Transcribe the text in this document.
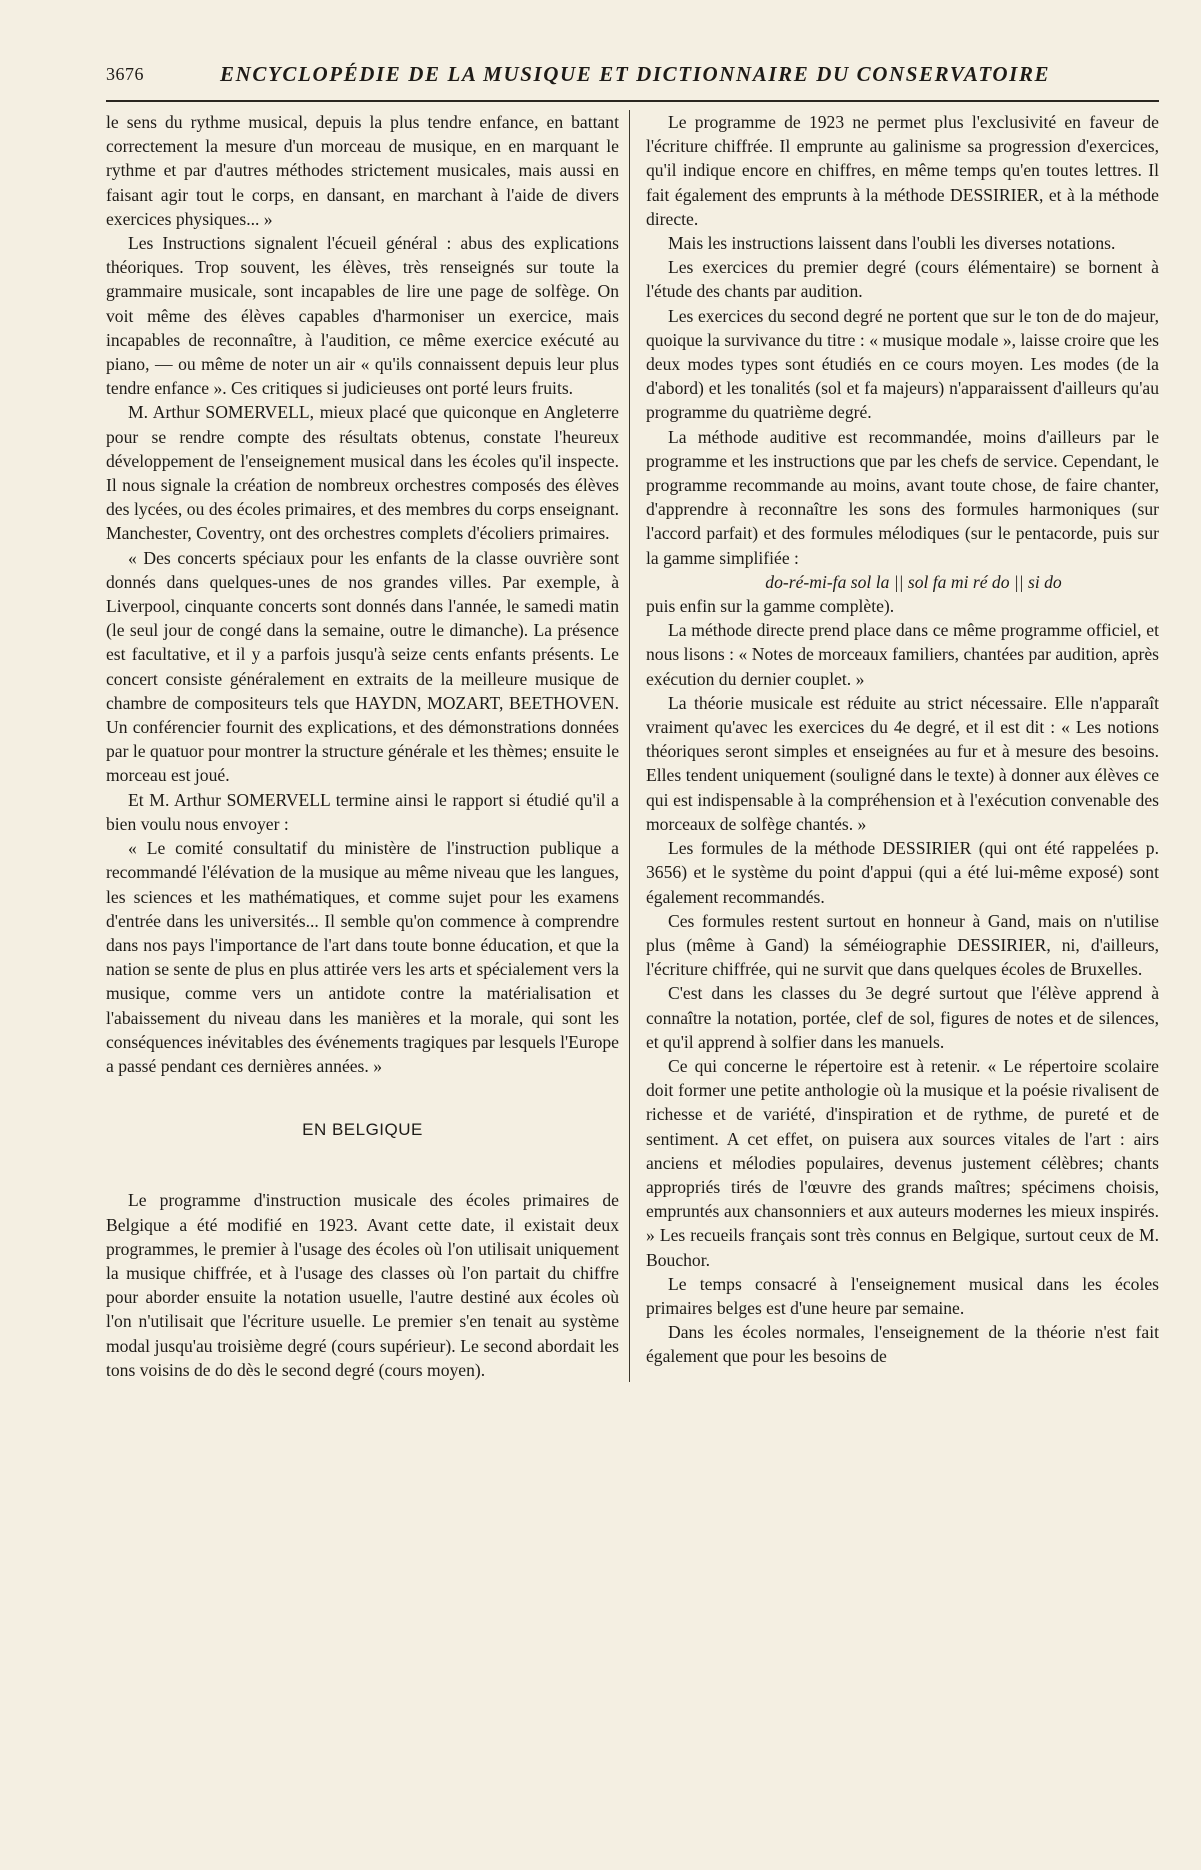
3676	ENCYCLOPÉDIE DE LA MUSIQUE ET DICTIONNAIRE DU CONSERVATOIRE

le sens du rythme musical, depuis la plus tendre enfance, en battant correctement la mesure d'un morceau de musique, en en marquant le rythme et par d'autres méthodes strictement musicales, mais aussi en faisant agir tout le corps, en dansant, en marchant à l'aide de divers exercices physiques... »

Les Instructions signalent l'écueil général : abus des explications théoriques. Trop souvent, les élèves, très renseignés sur toute la grammaire musicale, sont incapables de lire une page de solfège. On voit même des élèves capables d'harmoniser un exercice, mais incapables de reconnaître, à l'audition, ce même exercice exécuté au piano, — ou même de noter un air « qu'ils connaissent depuis leur plus tendre enfance ». Ces critiques si judicieuses ont porté leurs fruits.

M. Arthur SOMERVELL, mieux placé que quiconque en Angleterre pour se rendre compte des résultats obtenus, constate l'heureux développement de l'enseignement musical dans les écoles qu'il inspecte. Il nous signale la création de nombreux orchestres composés des élèves des lycées, ou des écoles primaires, et des membres du corps enseignant. Manchester, Coventry, ont des orchestres complets d'écoliers primaires.

« Des concerts spéciaux pour les enfants de la classe ouvrière sont donnés dans quelques-unes de nos grandes villes. Par exemple, à Liverpool, cinquante concerts sont donnés dans l'année, le samedi matin (le seul jour de congé dans la semaine, outre le dimanche). La présence est facultative, et il y a parfois jusqu'à seize cents enfants présents. Le concert consiste généralement en extraits de la meilleure musique de chambre de compositeurs tels que HAYDN, MOZART, BEETHOVEN. Un conférencier fournit des explications, et des démonstrations données par le quatuor pour montrer la structure générale et les thèmes; ensuite le morceau est joué.

Et M. Arthur SOMERVELL termine ainsi le rapport si étudié qu'il a bien voulu nous envoyer :

« Le comité consultatif du ministère de l'instruction publique a recommandé l'élévation de la musique au même niveau que les langues, les sciences et les mathématiques, et comme sujet pour les examens d'entrée dans les universités... Il semble qu'on commence à comprendre dans nos pays l'importance de l'art dans toute bonne éducation, et que la nation se sente de plus en plus attirée vers les arts et spécialement vers la musique, comme vers un antidote contre la matérialisation et l'abaissement du niveau dans les manières et la morale, qui sont les conséquences inévitables des événements tragiques par lesquels l'Europe a passé pendant ces dernières années. »

EN BELGIQUE

Le programme d'instruction musicale des écoles primaires de Belgique a été modifié en 1923. Avant cette date, il existait deux programmes, le premier à l'usage des écoles où l'on utilisait uniquement la musique chiffrée, et à l'usage des classes où l'on partait du chiffre pour aborder ensuite la notation usuelle, l'autre destiné aux écoles où l'on n'utilisait que l'écriture usuelle. Le premier s'en tenait au système modal jusqu'au troisième degré (cours supérieur). Le second abordait les tons voisins de do dès le second degré (cours moyen).

Le programme de 1923 ne permet plus l'exclusivité en faveur de l'écriture chiffrée. Il emprunte au galinisme sa progression d'exercices, qu'il indique encore en chiffres, en même temps qu'en toutes lettres. Il fait également des emprunts à la méthode DESSIRIER, et à la méthode directe.

Mais les instructions laissent dans l'oubli les diverses notations.

Les exercices du premier degré (cours élémentaire) se bornent à l'étude des chants par audition.

Les exercices du second degré ne portent que sur le ton de do majeur, quoique la survivance du titre : « musique modale », laisse croire que les deux modes types sont étudiés en ce cours moyen. Les modes (de la d'abord) et les tonalités (sol et fa majeurs) n'apparaissent d'ailleurs qu'au programme du quatrième degré.

La méthode auditive est recommandée, moins d'ailleurs par le programme et les instructions que par les chefs de service. Cependant, le programme recommande au moins, avant toute chose, de faire chanter, d'apprendre à reconnaître les sons des formules harmoniques (sur l'accord parfait) et des formules mélodiques (sur le pentacorde, puis sur la gamme simplifiée :

do-ré-mi-fa sol la || sol fa mi ré do || si do

puis enfin sur la gamme complète).

La méthode directe prend place dans ce même programme officiel, et nous lisons : « Notes de morceaux familiers, chantées par audition, après exécution du dernier couplet. »

La théorie musicale est réduite au strict nécessaire. Elle n'apparaît vraiment qu'avec les exercices du 4e degré, et il est dit : « Les notions théoriques seront simples et enseignées au fur et à mesure des besoins. Elles tendent uniquement (souligné dans le texte) à donner aux élèves ce qui est indispensable à la compréhension et à l'exécution convenable des morceaux de solfège chantés. »

Les formules de la méthode DESSIRIER (qui ont été rappelées p. 3656) et le système du point d'appui (qui a été lui-même exposé) sont également recommandés.

Ces formules restent surtout en honneur à Gand, mais on n'utilise plus (même à Gand) la séméiographie DESSIRIER, ni, d'ailleurs, l'écriture chiffrée, qui ne survit que dans quelques écoles de Bruxelles.

C'est dans les classes du 3e degré surtout que l'élève apprend à connaître la notation, portée, clef de sol, figures de notes et de silences, et qu'il apprend à solfier dans les manuels.

Ce qui concerne le répertoire est à retenir. « Le répertoire scolaire doit former une petite anthologie où la musique et la poésie rivalisent de richesse et de variété, d'inspiration et de rythme, de pureté et de sentiment. A cet effet, on puisera aux sources vitales de l'art : airs anciens et mélodies populaires, devenus justement célèbres; chants appropriés tirés de l'œuvre des grands maîtres; spécimens choisis, empruntés aux chansonniers et aux auteurs modernes les mieux inspirés. » Les recueils français sont très connus en Belgique, surtout ceux de M. Bouchor.

Le temps consacré à l'enseignement musical dans les écoles primaires belges est d'une heure par semaine.

Dans les écoles normales, l'enseignement de la théorie n'est fait également que pour les besoins de
